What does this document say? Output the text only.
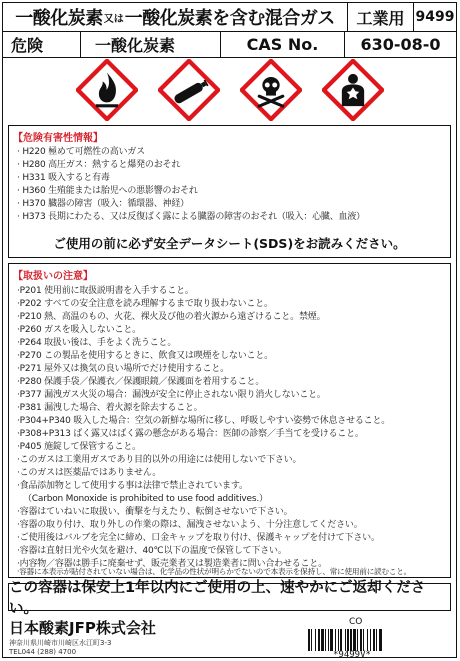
一酸化炭素 又は 一酸化炭素を含む混合ガス	工業用 9499
危険	一酸化炭素	CAS No.	630-08-0
【危険有害性情報】
· H220 極めて可燃性の高いガス
· H280 高圧ガス：熱すると爆発のおそれ
· H331 吸入すると有毒
· H360 生殖能または胎児への悪影響のおそれ
· H370 臓器の障害（吸入：循環器、神経）
· H373 長期にわたる、又は反復ばく露による臓器の障害のおそれ（吸入：心臓、血液）
ご使用の前に必ず安全データシート(SDS)をお読みください。
【取扱いの注意】
·P201 使用前に取扱説明書を入手すること。
·P202 すべての安全注意を読み理解するまで取り扱わないこと。
·P210 熱、高温のもの、火花、裸火及び他の着火源から遠ざけること。禁煙。
·P260 ガスを吸入しないこと。
·P264 取扱い後は、手をよく洗うこと。
·P270 この製品を使用するときに、飲食又は喫煙をしないこと。
·P271 屋外又は換気の良い場所でだけ使用すること。
·P280 保護手袋／保護衣／保護眼鏡／保護面を着用すること。
·P377 漏洩ガス火災の場合：漏洩が安全に停止されない限り消火しないこと。
·P381 漏洩した場合、着火源を除去すること。
·P304+P340 吸入した場合：空気の新鮮な場所に移し、呼吸しやすい姿勢で休息させること。
·P308+P313 ばく露又はばく露の懸念がある場合：医師の診察／手当てを受けること。
·P405 施錠して保管すること。
·このガスは工業用ガスであり目的以外の用途には使用しないで下さい。
·このガスは医薬品ではありません。
·食品添加物として使用する事は法律で禁止されています。
（Carbon Monoxide is prohibited to use food additives.）
·容器はていねいに取扱い、衝撃を与えたり、転倒させないで下さい。
·容器の取り付け、取り外しの作業の際は、漏洩させないよう、十分注意してください。
·ご使用後はバルブを完全に締め、口金キャップを取り付け、保護キャップを付けて下さい。
·容器は直射日光や火気を避け、40℃以下の温度で保管して下さい。
·内容物／容器は勝手に廃棄せず、販売業者又は製造業者に問い合わせること。
·容器に本表示が貼付されていない場合は、化学品の性状が明らかでないので本表示を保持し、常に使用前に読むこと。
この容器は保安上1年以内にご使用の上、速やかにご返却ください。
日本酸素JFP株式会社
神奈川県川崎市川崎区水江町3-3
TEL044 (288) 4700
CO
*9499V*
